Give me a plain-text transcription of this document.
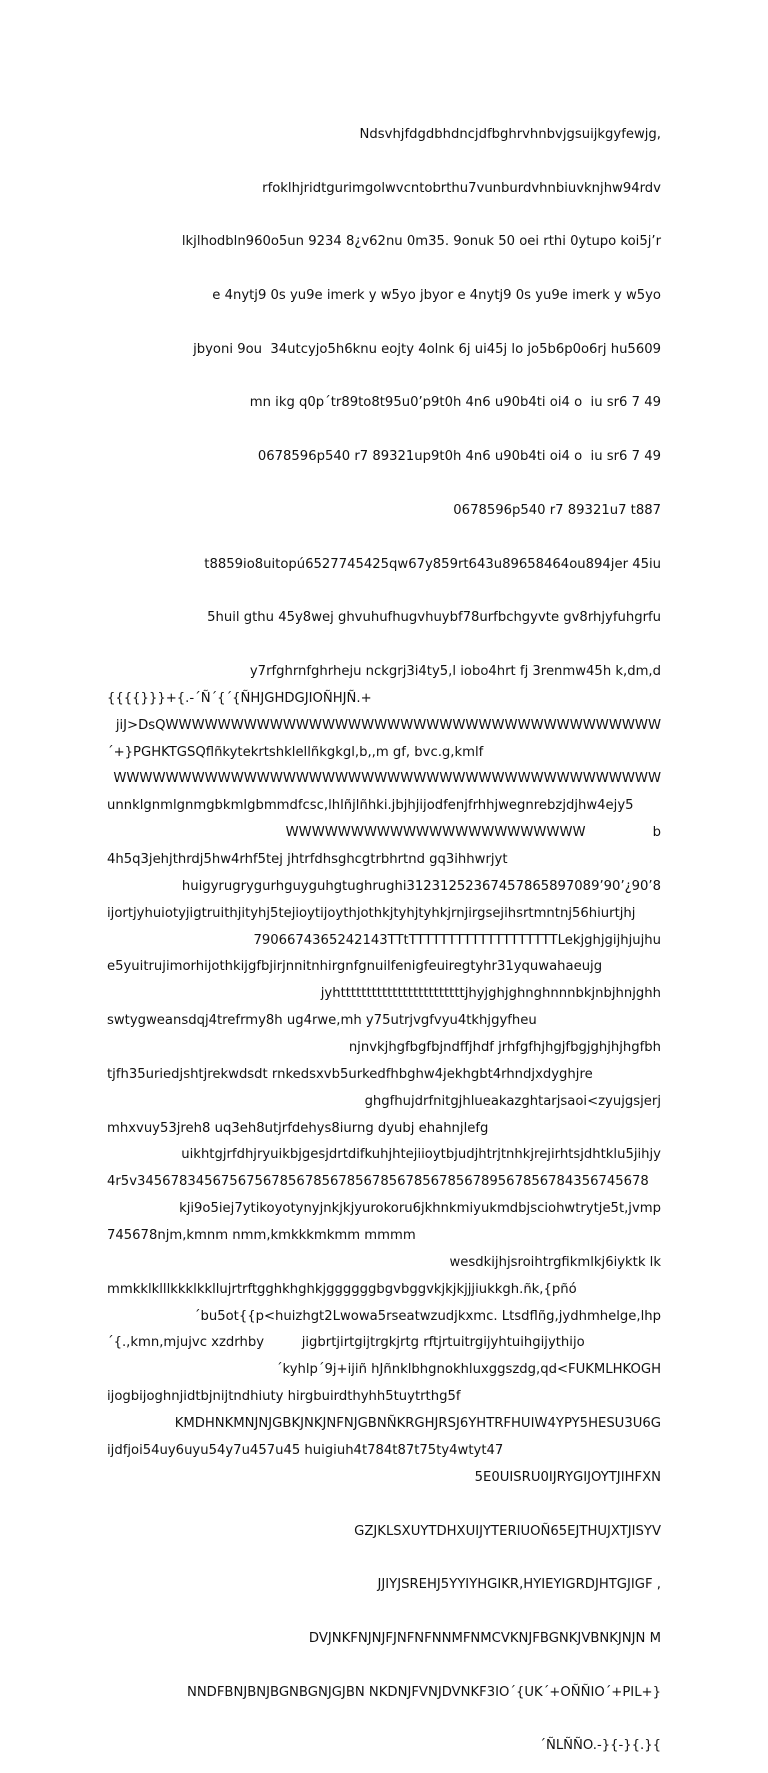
Ndsvhjfdgdbhdncjdfbghrvhnbvjgsuijkgyfewjg,

rfoklhjridtgurimgolwvcntobrthu7vunburdvhnbiuvknjhw94rdv

lkjlhodbln960o5un 9234 8¿v62nu 0m35. 9onuk 50 oei rthi 0ytupo koi5j’r

e 4nytj9 0s yu9e imerk y w5yo jbyor e 4nytj9 0s yu9e imerk y w5yo

jbyoni 9ou  34utcyjo5h6knu eojty 4olnk 6j ui45j lo jo5b6p0o6rj hu5609

mn ikg q0p´tr89to8t95u0’p9t0h 4n6 u90b4ti oi4 o  iu sr6 7 49

0678596p540 r7 89321up9t0h 4n6 u90b4ti oi4 o  iu sr6 7 49

0678596p540 r7 89321u7 t887

t8859io8uitopú6527745425qw67y859rt643u89658464ou894jer 45iu

5huil gthu 45y8wej ghvuhufhugvhuybf78urfbchgyvte gv8rhjyfuhgrfu

y7rfghrnfghrheju nckgrj3i4ty5,l iobo4hrt fj 3renmw45h k,dm,d

jiJ>DsQWWWWWWWWWWWWWWWWWWWWWWWWWWWWWWWWWWWWWW

WWWWWWWWWWWWWWWWWWWWWWWWWWWWWWWWWWWWWWWWWW

WWWWWWWWWWWWWWWWWWWWWWW                b

huigyrugrygurhguyguhgtughrughi31231252367457865897089’90’¿90’8

7906674365242143TTtTTTTTTTTTTTTTTTTTTTLekjghjgijhjujhu

jyhttttttttttttttttttttttttjhyjghjghnghnnnbkjnbjhnjghh

njnvkjhgfbgfbjndffjhdf jrhfgfhjhgjfbgjghjhjhgfbh

ghgfhujdrfnitgjhlueakazghtarjsaoi<zyujgsjerj

uikhtgjrfdhjryuikbjgesjdrtdifkuhjhtejiioytbjudjhtrjtnhkjrejirhtsjdhtklu5jihjy

kji9o5iej7ytikoyotynyjnkjkjyurokoru6jkhnkmiyukmdbjsciohwtrytje5t,jvmp

wesdkijhjsroihtrgfikmlkj6iyktk lk

´bu5ot{{p<huizhgt2Lwowa5rseatwzudjkxmc. Ltsdflñg,jydhmhelge,lhp

´kyhlp´9j+ijiñ hJñnklbhgnokhluxggszdg,qd<FUKMLHKOGH

KMDHNKMNJNJGBKJNKJNFNJGBNÑKRGHJRSJ6YHTRFHUIW4YPY5HESU3U6G

5E0UISRU0IJRYGIJOYTJIHFXN

GZJKLSXUYTDHXUIJYTERIUOÑ65EJTHUJXTJISYV

JJIYJSREHJ5YYIYHGIKR,HYIEYIGRDJHTGJIGF ,

DVJNKFNJNJFJNFNFNNMFNMCVKNJFBGNKJVBNKJNJN M

NNDFBNJBNJBGNBGNJGJBN NKDNJFVNJDVNKF3IO´{UK´+OÑÑIO´+PIL+}

´ÑLÑÑO.-}{-}{.}{

{{{{}}}+{.-´Ñ´{´{ÑHJGHDGJIOÑHJÑ.+

´+}PGHKTGSQflñkytekrtshklellñkgkgl,b,,m gf, bvc.g,kmlf

unnklgnmlgnmgbkmlgbmmdfcsc,lhlñjlñhki.jbjhjijodfenjfrhhjwegnrebzjdjhw4ejy5

4h5q3jehjthrdj5hw4rhf5tej jhtrfdhsghcgtrbhrtnd gq3ihhwrjyt

ijortjyhuiotyjigtruithjityhj5tejioytijoythjothkjtyhjtyhkjrnjirgsejihsrtmntnj56hiurtjhj

e5yuitrujimorhijothkijgfbjirjnnitnhirgnfgnuilfenigfeuiregtyhr31yquwahaeujg

swtygweansdqj4trefrmy8h ug4rwe,mh y75utrjvgfvyu4tkhjgyfheu

tjfh35uriedjshtjrekwdsdt rnkedsxvb5urkedfhbghw4jekhgbt4rhndjxdyghjre

mhxvuy53jreh8 uq3eh8utjrfdehys8iurng dyubj ehahnjlefg

4r5v3456783456756756785678567856785678567856789567856784356745678

745678njm,kmnm nmm,kmkkkmkmm mmmm

mmkklklllkkklkkllujrtrftgghkhghkjggggggbgvbggvkjkjkjjjiukkgh.ñk,{pñó

´{.,kmn,mjujvc xzdrhby         jigbrtjirtgijtrgkjrtg rftjrtuitrgijyhtuihgijythijo

ijogbijoghnjidtbjnijtndhiuty hirgbuirdthyhh5tuytrthg5f

ijdfjoi54uy6uyu54y7u457u45 huigiuh4t784t87t75ty4wtyt47
